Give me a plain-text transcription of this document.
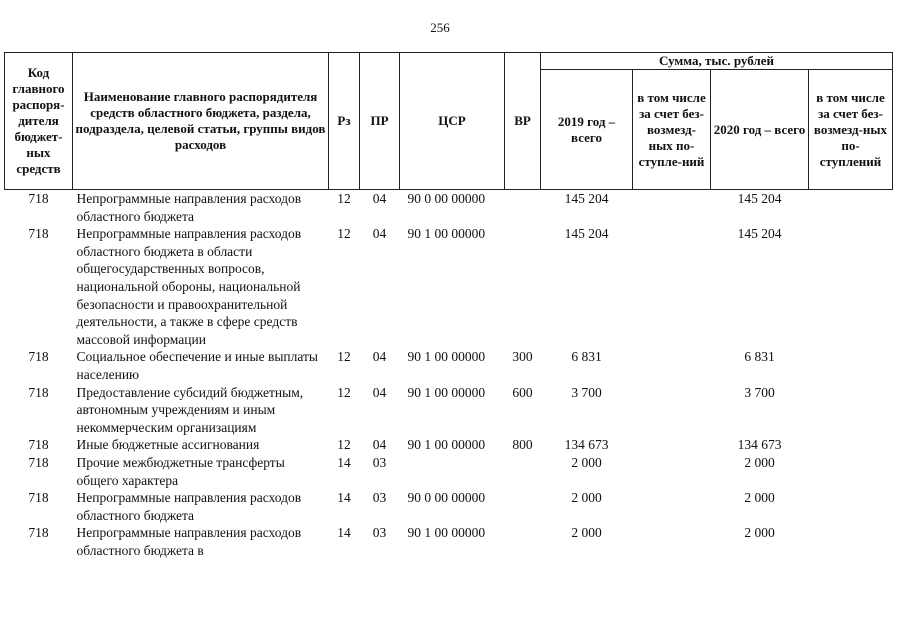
256
Код главного распоря-дителя бюджет-ных средств	Наименование главного распорядителя средств областного бюджета, раздела, подраздела, целевой статьи, группы видов расходов	Рз	ПР	ЦСР	ВР	Сумма, тыс. рублей			
						2019 год – всего	в том числе за счет без-возмезд-ных по-ступле-ний	2020 год – всего	в том числе за счет без-возмезд-ных по-ступлений
718	Непрограммные направления расходов областного бюджета	12	04	90 0 00 00000		145 204		145 204	
718	Непрограммные направления расходов областного бюджета в области общегосударственных вопросов, национальной обороны, национальной безопасности и правоохранительной деятельности, а также в сфере средств массовой информации	12	04	90 1 00 00000		145 204		145 204	
718	Социальное обеспечение и иные выплаты населению	12	04	90 1 00 00000	300	6 831		6 831	
718	Предоставление субсидий бюджетным, автономным учреждениям и иным некоммерческим организациям	12	04	90 1 00 00000	600	3 700		3 700	
718	Иные бюджетные ассигнования	12	04	90 1 00 00000	800	134 673		134 673	
718	Прочие межбюджетные трансферты общего характера	14	03			2 000		2 000	
718	Непрограммные направления расходов областного бюджета	14	03	90 0 00 00000		2 000		2 000	
718	Непрограммные направления расходов областного бюджета в	14	03	90 1 00 00000		2 000		2 000	
